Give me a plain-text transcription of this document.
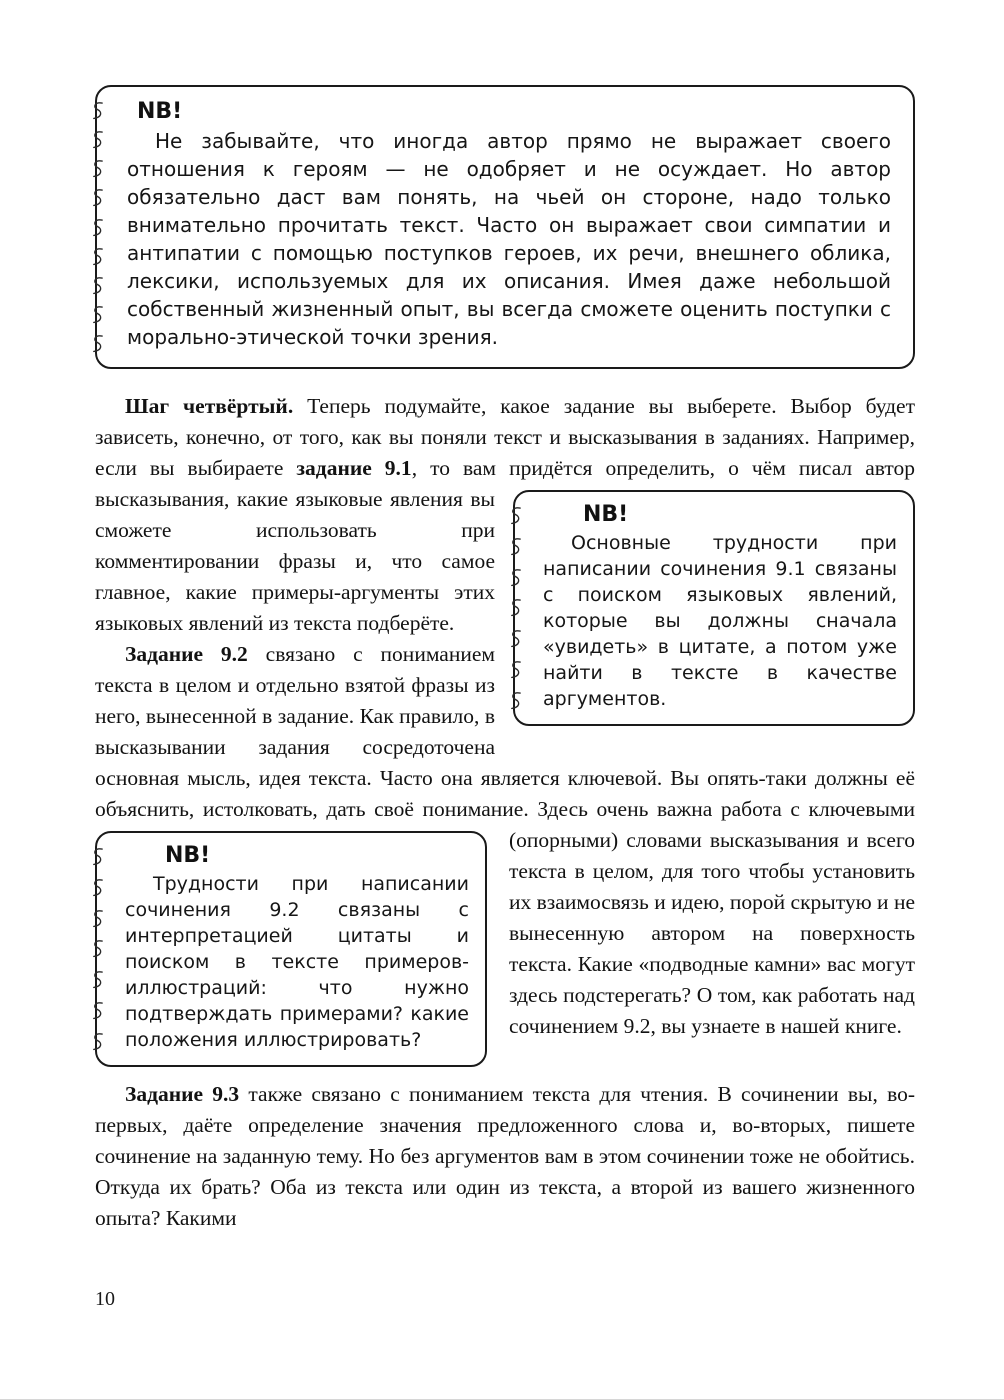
NB!
Не забывайте, что иногда автор прямо не выражает своего отношения к героям — не одобряет и не осуждает. Но автор обязательно даст вам понять, на чьей он стороне, надо только внимательно прочитать текст. Часто он выражает свои симпатии и антипатии с помощью поступков героев, их речи, внешнего облика, лексики, используемых для их описания. Имея даже небольшой собственный жизненный опыт, вы всегда сможете оценить поступки с морально-этической точки зрения.
Шаг четвёртый. Теперь подумайте, какое задание вы выберете. Выбор будет зависеть, конечно, от того, как вы поняли текст и высказывания в заданиях. Например, если вы выбираете задание 9.1, то вам придётся
NB!
Основные трудности при написании сочинения 9.1 связаны с поиском языковых явлений, которые вы должны сначала «увидеть» в цитате, а потом уже найти в тексте в качестве аргументов.
определить, о чём писал автор высказывания, какие языковые явления вы сможете использовать при комментировании фразы и, что самое главное, какие примеры-аргументы этих языковых явлений из текста подберёте.
Задание 9.2 связано с пониманием текста в целом и отдельно взятой фразы из него, вынесенной в задание. Как правило, в высказывании задания сосредоточена основная мысль, идея текста. Часто она является ключевой. Вы опять-таки должны её объяснить, истолковать, дать своё понимание. Здесь очень важна работа с ключевыми (опорными) словами
NB!
Трудности при написании сочинения 9.2 связаны с интерпретацией цитаты и поиском в тексте примеров-иллюстраций: что нужно подтверждать примерами? какие положения иллюстрировать?
высказывания и всего текста в целом, для того чтобы установить их взаимосвязь и идею, порой скрытую и не вынесенную автором на поверхность текста. Какие «подводные камни» вас могут здесь подстерегать? О том, как работать над сочинением 9.2, вы узнаете в нашей книге.
Задание 9.3 также связано с пониманием текста для чтения. В сочинении вы, во-первых, даёте определение значения предложенного слова и, во-вторых, пишете сочинение на заданную тему. Но без аргументов вам в этом сочинении тоже не обойтись. Откуда их брать? Оба из текста или один из текста, а второй из вашего жизненного опыта? Какими
10
